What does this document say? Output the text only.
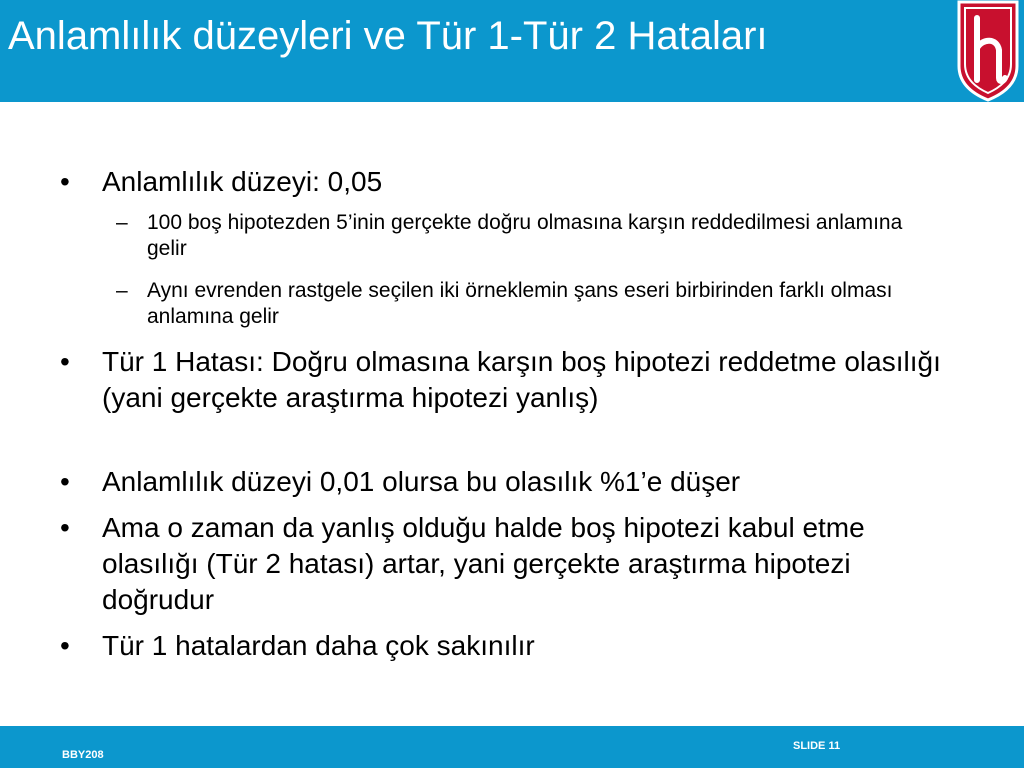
Anlamlılık düzeyleri ve Tür 1-Tür 2 Hataları
• Anlamlılık düzeyi: 0,05
– 100 boş hipotezden 5’inin gerçekte doğru olmasına karşın reddedilmesi anlamına gelir
– Aynı evrenden rastgele seçilen iki örneklemin şans eseri birbirinden farklı olması anlamına gelir
• Tür 1 Hatası: Doğru olmasına karşın boş hipotezi reddetme olasılığı (yani gerçekte araştırma hipotezi yanlış)
• Anlamlılık düzeyi 0,01 olursa bu olasılık %1’e düşer
• Ama o zaman da yanlış olduğu halde boş hipotezi kabul etme olasılığı (Tür 2 hatası) artar, yani gerçekte araştırma hipotezi doğrudur
• Tür 1 hatalardan daha çok sakınılır
BBY208
SLIDE 11
